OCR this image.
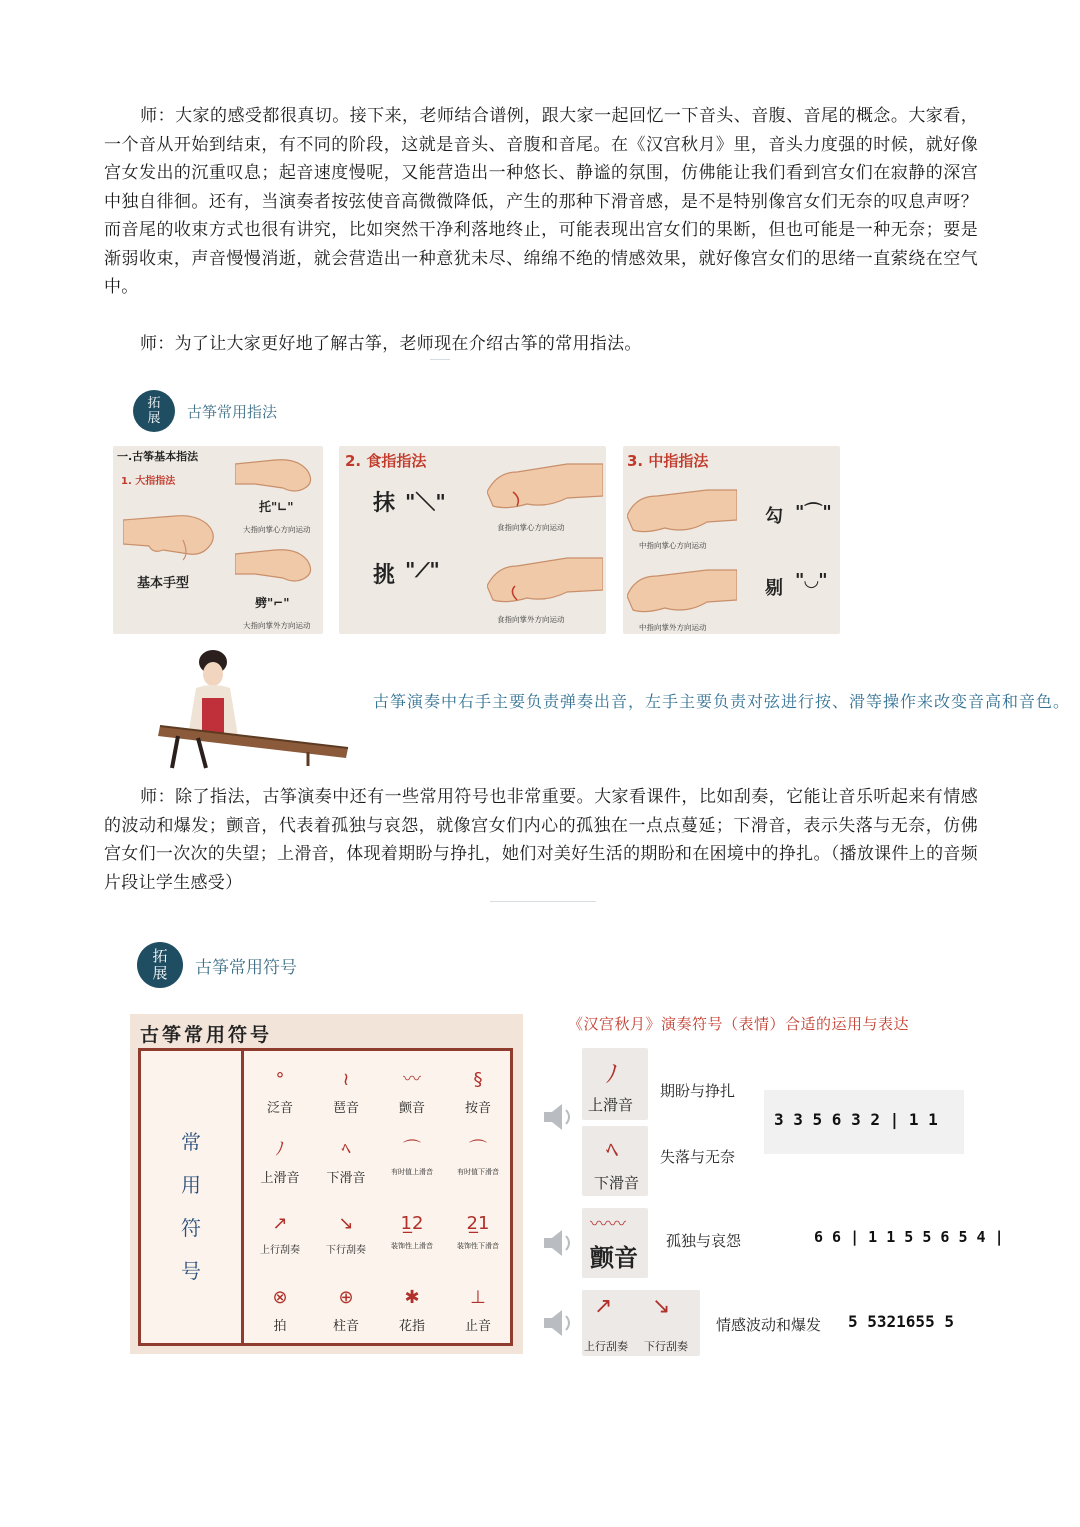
师：大家的感受都很真切。接下来，老师结合谱例，跟大家一起回忆一下音头、音腹、音尾的概念。大家看，一个音从开始到结束，有不同的阶段，这就是音头、音腹和音尾。在《汉宫秋月》里，音头力度强的时候，就好像宫女发出的沉重叹息；起音速度慢呢，又能营造出一种悠长、静谧的氛围，仿佛能让我们看到宫女们在寂静的深宫中独自徘徊。还有，当演奏者按弦使音高微微降低，产生的那种下滑音感，是不是特别像宫女们无奈的叹息声呀？而音尾的收束方式也很有讲究，比如突然干净利落地终止，可能表现出宫女们的果断，但也可能是一种无奈；要是渐弱收束，声音慢慢消逝，就会营造出一种意犹未尽、绵绵不绝的情感效果，就好像宫女们的思绪一直萦绕在空气中。

师：为了让大家更好地了解古筝，老师现在介绍古筝的常用指法。

拓
展 古筝常用指法
一.古筝基本指法
1. 大指指法
基本手型
托"∟"
大指向掌心方向运动
劈"⌐"
大指向掌外方向运动
2. 食指指法
抹 "＼"
食指向掌心方向运动
挑 "⟋"
食指向掌外方向运动
3. 中指指法
中指向掌心方向运动
勾 "⌒"
中指向掌外方向运动
剔 "◡"
古筝演奏中右手主要负责弹奏出音，左手主要负责对弦进行按、滑等操作来改变音高和音色。

师：除了指法，古筝演奏中还有一些常用符号也非常重要。大家看课件，比如刮奏，它能让音乐听起来有情感的波动和爆发；颤音，代表着孤独与哀怨，就像宫女们内心的孤独在一点点蔓延；下滑音，表示失落与无奈，仿佛宫女们一次次的失望；上滑音，体现着期盼与挣扎，她们对美好生活的期盼和在困境中的挣扎。（播放课件上的音频片段让学生感受）

拓
展 古筝常用符号
古筝常用符号
常
用
符
号
°
泛音
≀
琶音
〰
颤音
§
按音
ﾉ
上滑音
ﾍ
下滑音
⌒
有时值上滑音
⌒
有时值下滑音
↗
上行刮奏
↘
下行刮奏
1̲2
装饰性上滑音
2̲1
装饰性下滑音
⊗
拍
⊕
柱音
✱
花指
⊥
止音
《汉宫秋月》演奏符号（表情）合适的运用与表达
ﾉ
上滑音
ﾍ
下滑音
期盼与挣扎
失落与无奈
3 3 5 6 3 2 | 1 1
〰〰
颤音
孤独与哀怨	6 6 | 1 1 5 5 6 5 4 |
↗ ↘
上行刮奏 下行刮奏
情感波动和爆发 5 5321655 5
